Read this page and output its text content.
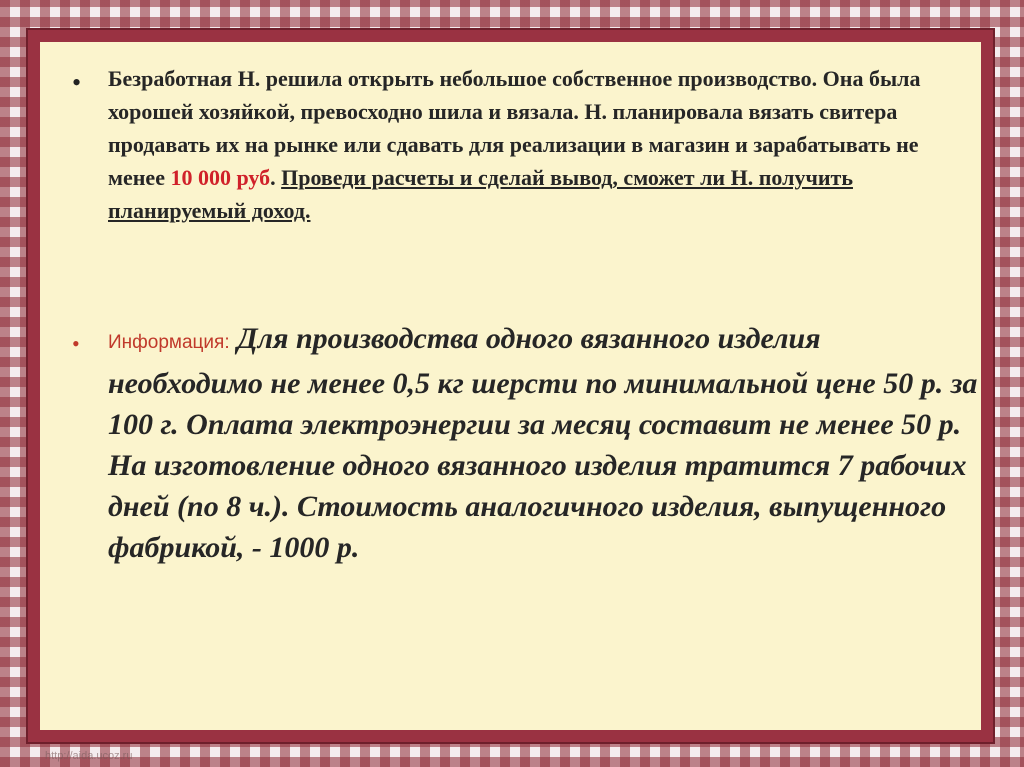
• Безработная Н. решила открыть небольшое собственное производство. Она была хорошей хозяйкой, превосходно шила и вязала. Н. планировала вязать свитера продавать их на рынке или сдавать для реализации в магазин и зарабатывать не менее 10 000 руб. Проведи расчеты и сделай вывод, сможет ли Н. получить планируемый доход.
• Информация: Для производства одного вязанного изделия необходимо не менее 0,5 кг шерсти по минимальной цене 50 р. за 100 г. Оплата электроэнергии за месяц составит не менее 50 р. На изготовление одного вязанного изделия тратится 7 рабочих дней (по 8 ч.). Стоимость аналогичного изделия, выпущенного фабрикой, - 1000 р.
http://aida.ucoz.ru
